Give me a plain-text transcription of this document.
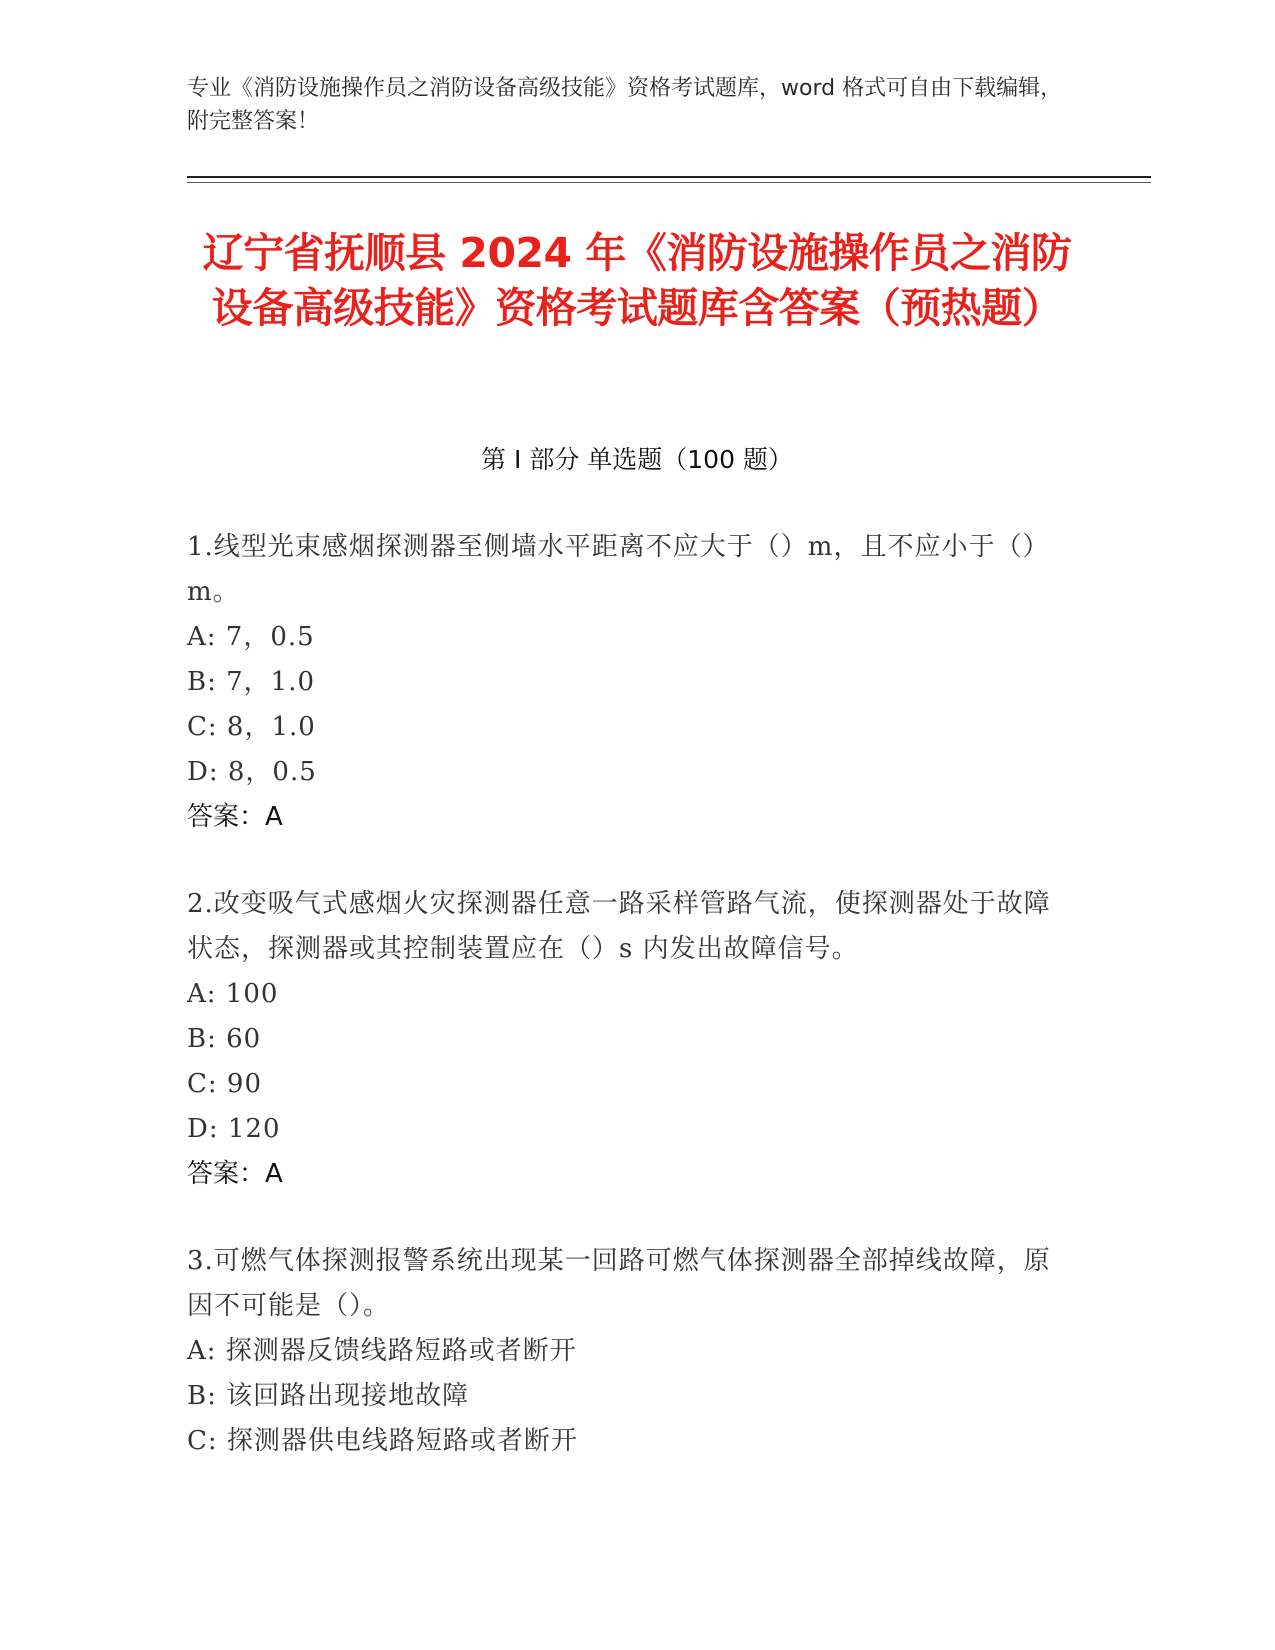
专业《消防设施操作员之消防设备高级技能》资格考试题库，word 格式可自由下载编辑，附完整答案！
辽宁省抚顺县 2024 年《消防设施操作员之消防设备高级技能》资格考试题库含答案（预热题）
第 I 部分 单选题（100 题）
1.线型光束感烟探测器至侧墙水平距离不应大于（）m，且不应小于（）m。
A: 7，0.5
B: 7，1.0
C: 8，1.0
D: 8，0.5
答案：A
2.改变吸气式感烟火灾探测器任意一路采样管路气流，使探测器处于故障状态，探测器或其控制装置应在（）s 内发出故障信号。
A: 100
B: 60
C: 90
D: 120
答案：A
3.可燃气体探测报警系统出现某一回路可燃气体探测器全部掉线故障，原因不可能是（）。
A: 探测器反馈线路短路或者断开
B: 该回路出现接地故障
C: 探测器供电线路短路或者断开
